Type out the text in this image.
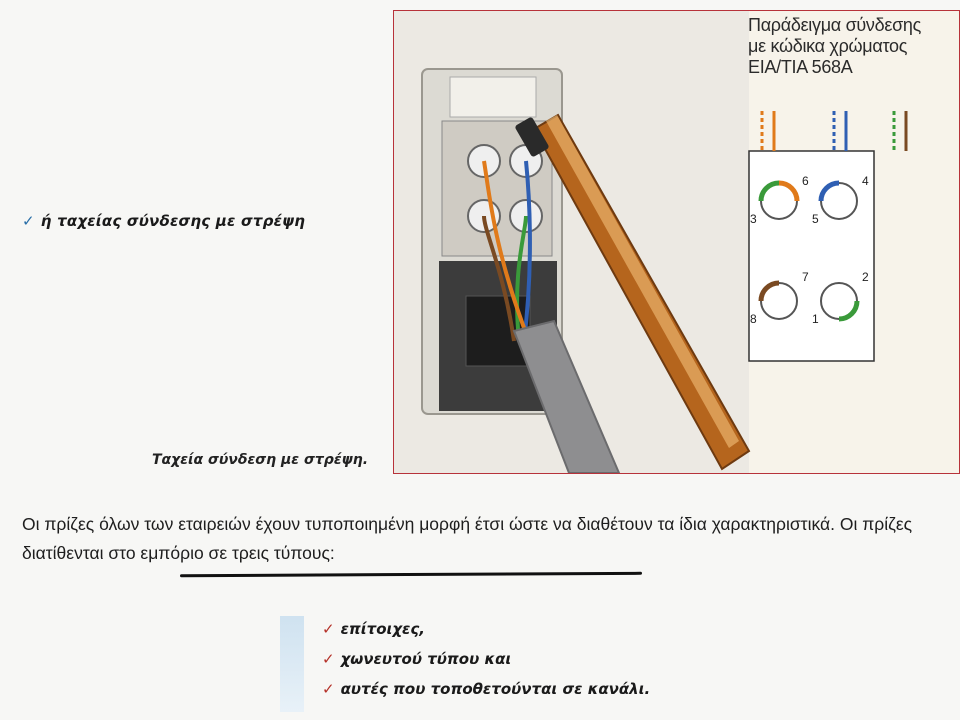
✓ ή ταχείας σύνδεσης με στρέψη
Παράδειγμα σύνδεσης
με κώδικα χρώματος
EIA/TIA 568A
6	4
3	5
7	2
8	1
Ταχεία σύνδεση με στρέψη.
Οι πρίζες όλων των εταιρειών έχουν τυποποιημένη μορφή έτσι ώστε να διαθέτουν τα ίδια χαρακτηριστικά. Οι πρίζες διατίθενται στο εμπόριο σε τρεις τύπους:
✓ επίτοιχες,
✓ χωνευτού τύπου και
✓ αυτές που τοποθετούνται σε κανάλι.
